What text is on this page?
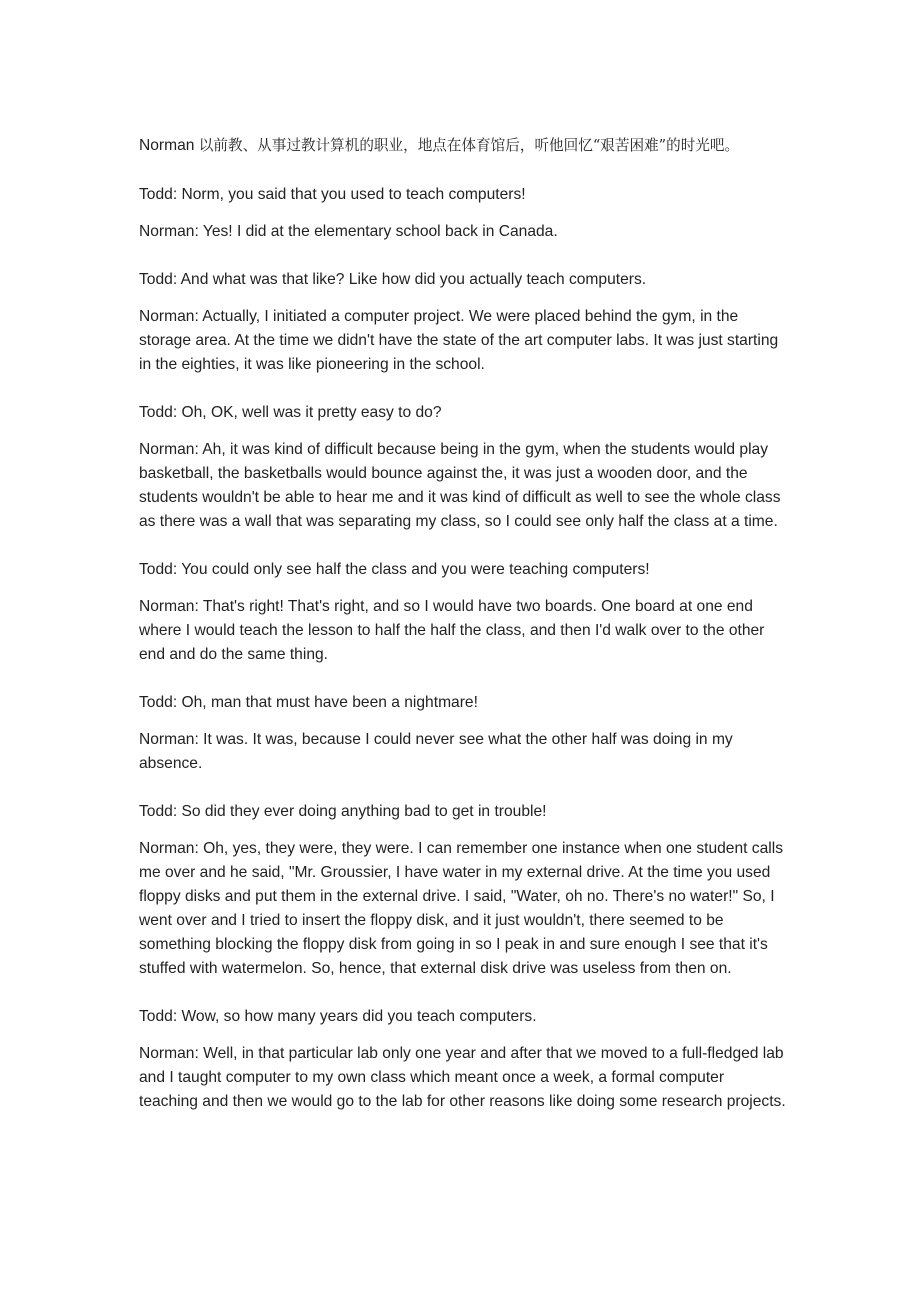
Norman 以前教、从事过教计算机的职业，地点在体育馆后，听他回忆“艰苦困难”的时光吧。

Todd: Norm, you said that you used to teach computers!

Norman: Yes! I did at the elementary school back in Canada.

Todd: And what was that like? Like how did you actually teach computers.

Norman: Actually, I initiated a computer project. We were placed behind the gym, in the storage area. At the time we didn't have the state of the art computer labs. It was just starting in the eighties, it was like pioneering in the school.

Todd: Oh, OK, well was it pretty easy to do?

Norman: Ah, it was kind of difficult because being in the gym, when the students would play basketball, the basketballs would bounce against the, it was just a wooden door, and the students wouldn't be able to hear me and it was kind of difficult as well to see the whole class as there was a wall that was separating my class, so I could see only half the class at a time.

Todd: You could only see half the class and you were teaching computers!

Norman: That's right! That's right, and so I would have two boards. One board at one end where I would teach the lesson to half the half the class, and then I'd walk over to the other end and do the same thing.

Todd: Oh, man that must have been a nightmare!

Norman: It was. It was, because I could never see what the other half was doing in my absence.

Todd: So did they ever doing anything bad to get in trouble!

Norman: Oh, yes, they were, they were. I can remember one instance when one student calls me over and he said, "Mr. Groussier, I have water in my external drive. At the time you used floppy disks and put them in the external drive. I said, "Water, oh no. There's no water!" So, I went over and I tried to insert the floppy disk, and it just wouldn't, there seemed to be something blocking the floppy disk from going in so I peak in and sure enough I see that it's stuffed with watermelon. So, hence, that external disk drive was useless from then on.

Todd: Wow, so how many years did you teach computers.

Norman: Well, in that particular lab only one year and after that we moved to a full-fledged lab and I taught computer to my own class which meant once a week, a formal computer teaching and then we would go to the lab for other reasons like doing some research projects.
